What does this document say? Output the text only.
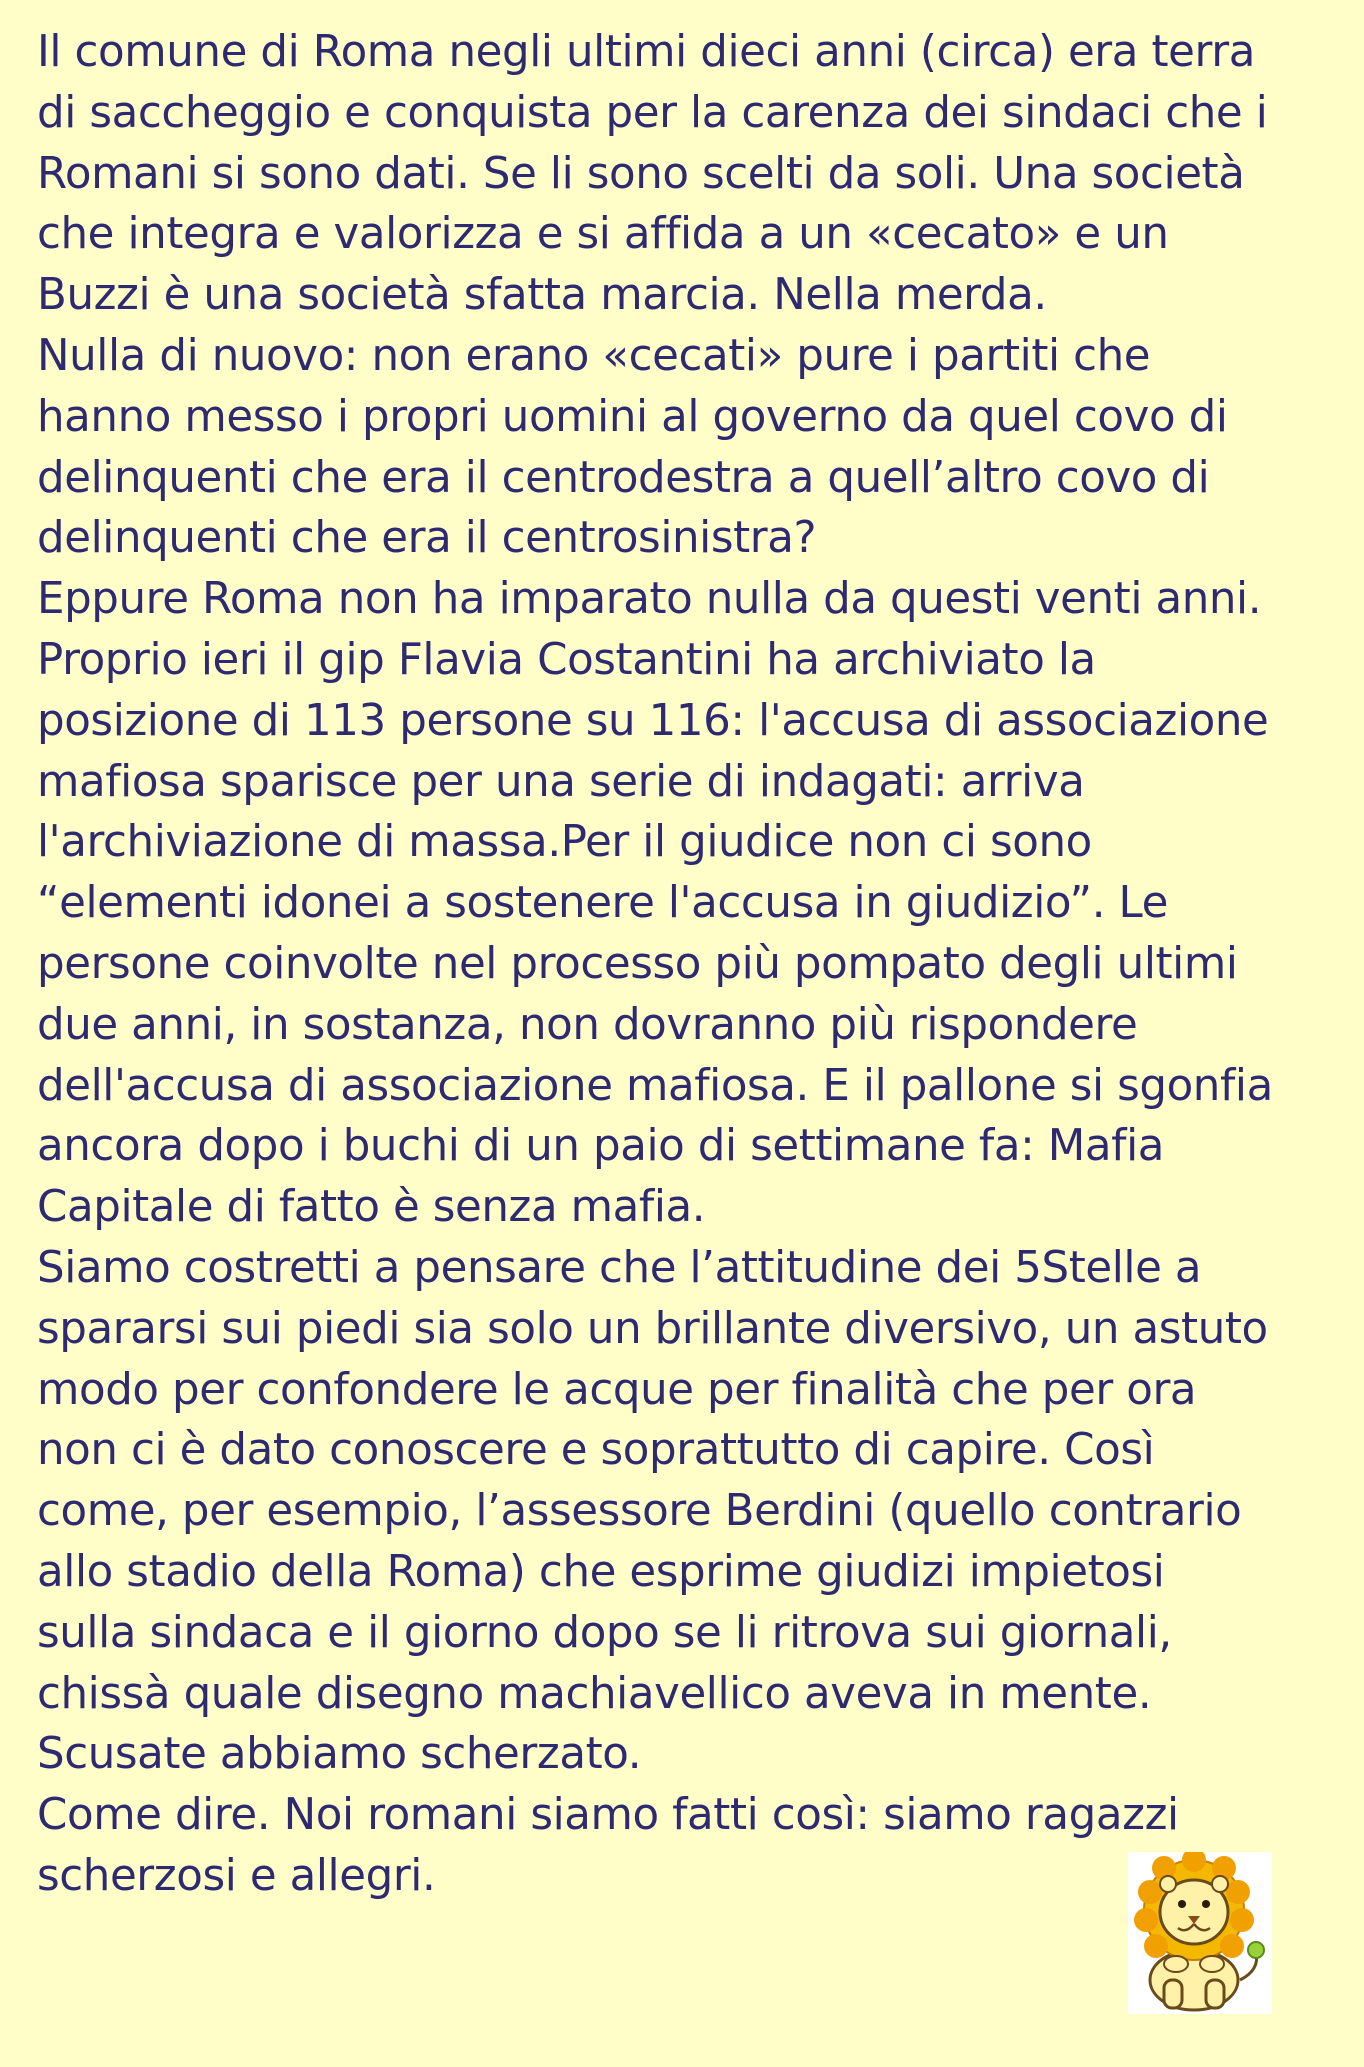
Il comune di Roma negli ultimi dieci anni (circa) era terra
di saccheggio e conquista per la carenza dei sindaci che i
Romani si sono dati. Se li sono scelti da soli. Una società
che integra e valorizza e si affida a un «cecato» e un
Buzzi è una società sfatta marcia. Nella merda.
Nulla di nuovo: non erano «cecati» pure i partiti che
hanno messo i propri uomini al governo da quel covo di
delinquenti che era il centrodestra a quell’altro covo di
delinquenti che era il centrosinistra?
Eppure Roma non ha imparato nulla da questi venti anni.
Proprio ieri il gip Flavia Costantini ha archiviato la
posizione di 113 persone su 116: l'accusa di associazione
mafiosa sparisce per una serie di indagati: arriva
l'archiviazione di massa.Per il giudice non ci sono
“elementi idonei a sostenere l'accusa in giudizio”. Le
persone coinvolte nel processo più pompato degli ultimi
due anni, in sostanza, non dovranno più rispondere
dell'accusa di associazione mafiosa. E il pallone si sgonfia
ancora dopo i buchi di un paio di settimane fa: Mafia
Capitale di fatto è senza mafia.
Siamo costretti a pensare che l’attitudine dei 5Stelle a
spararsi sui piedi sia solo un brillante diversivo, un astuto
modo per confondere le acque per finalità che per ora
non ci è dato conoscere e soprattutto di capire. Così
come, per esempio, l’assessore Berdini (quello contrario
allo stadio della Roma) che esprime giudizi impietosi
sulla sindaca e il giorno dopo se li ritrova sui giornali,
chissà quale disegno machiavellico aveva in mente.
Scusate abbiamo scherzato.
Come dire. Noi romani siamo fatti così: siamo ragazzi
scherzosi e allegri.
